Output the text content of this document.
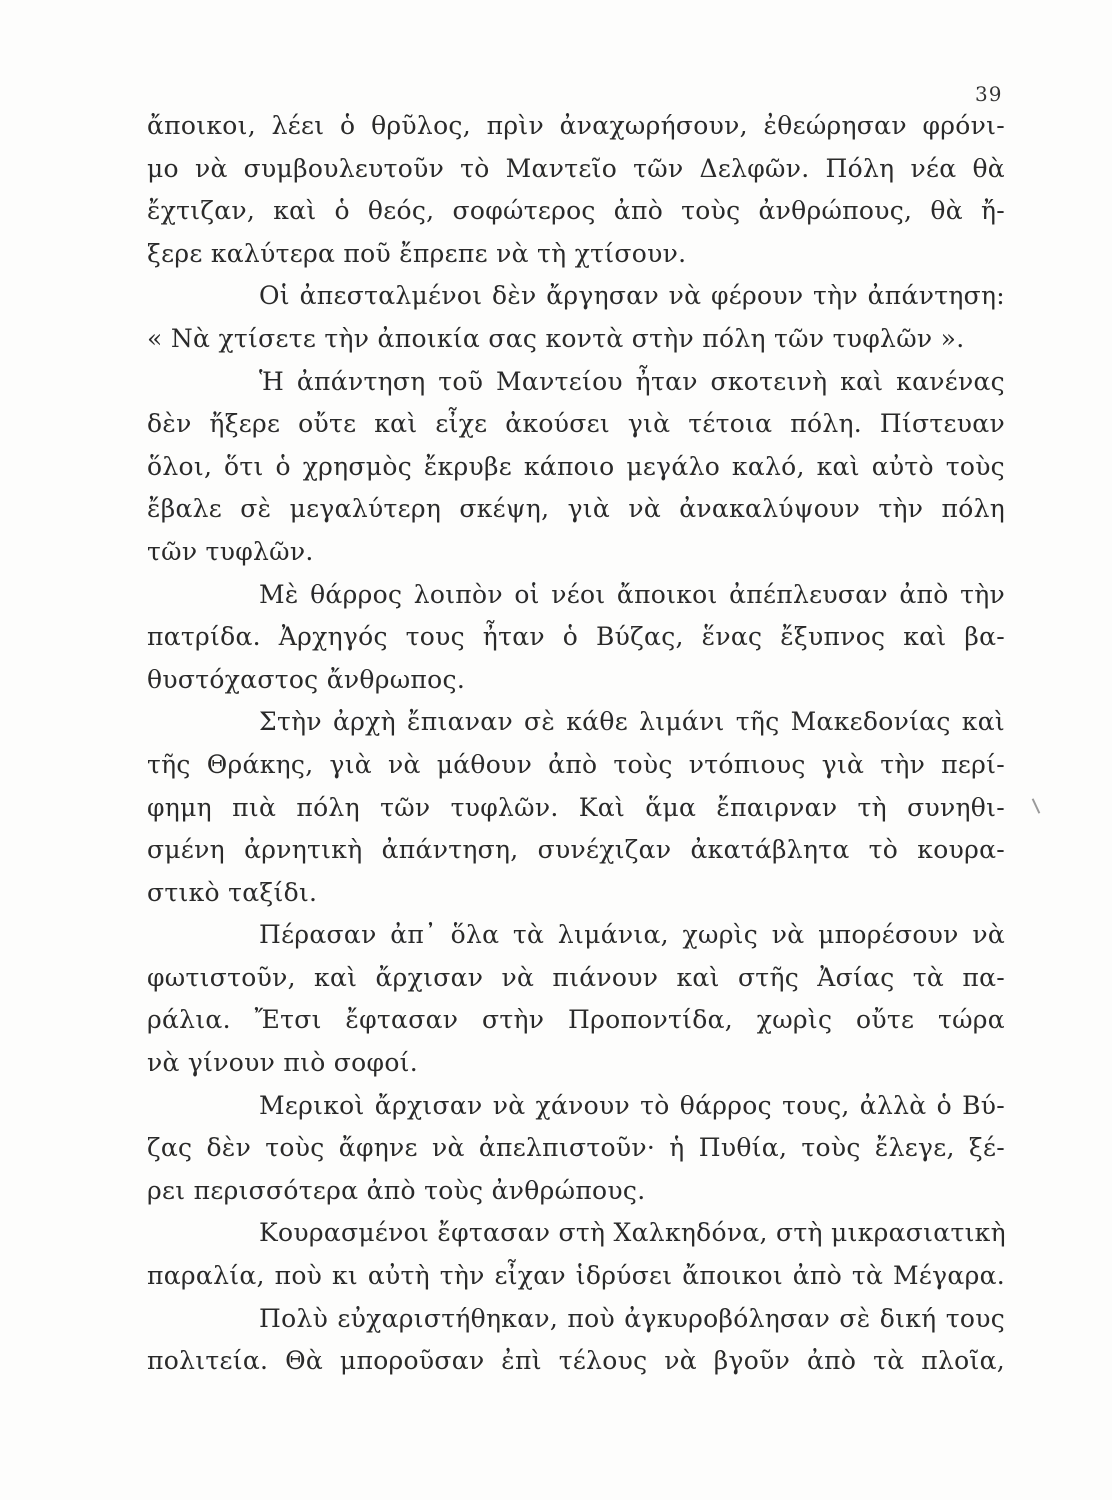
39
ἄποικοι, λέει ὁ θρῦλος, πρὶν ἀναχωρήσουν, ἐθεώρησαν φρόνι-
μο νὰ συμβουλευτοῦν τὸ Μαντεῖο τῶν Δελφῶν. Πόλη νέα θὰ
ἔχτιζαν, καὶ ὁ θεός, σοφώτερος ἀπὸ τοὺς ἀνθρώπους, θὰ ἤ-
ξερε καλύτερα ποῦ ἔπρεπε νὰ τὴ χτίσουν.
Οἱ ἀπεσταλμένοι δὲν ἄργησαν νὰ φέρουν τὴν ἀπάντηση:
« Νὰ χτίσετε τὴν ἀποικία σας κοντὰ στὴν πόλη τῶν τυφλῶν ».
Ἡ ἀπάντηση τοῦ Μαντείου ἦταν σκοτεινὴ καὶ κανένας
δὲν ἤξερε οὔτε καὶ εἶχε ἀκούσει γιὰ τέτοια πόλη. Πίστευαν
ὅλοι, ὅτι ὁ χρησμὸς ἔκρυβε κάποιο μεγάλο καλό, καὶ αὐτὸ τοὺς
ἔβαλε σὲ μεγαλύτερη σκέψη, γιὰ νὰ ἀνακαλύψουν τὴν πόλη
τῶν τυφλῶν.
Μὲ θάρρος λοιπὸν οἱ νέοι ἄποικοι ἀπέπλευσαν ἀπὸ τὴν
πατρίδα. Ἀρχηγός τους ἦταν ὁ Βύζας, ἕνας ἔξυπνος καὶ βα-
θυστόχαστος ἄνθρωπος.
Στὴν ἀρχὴ ἔπιαναν σὲ κάθε λιμάνι τῆς Μακεδονίας καὶ
τῆς Θράκης, γιὰ νὰ μάθουν ἀπὸ τοὺς ντόπιους γιὰ τὴν περί-
φημη πιὰ πόλη τῶν τυφλῶν. Καὶ ἅμα ἔπαιρναν τὴ συνηθι-
σμένη ἀρνητικὴ ἀπάντηση, συνέχιζαν ἀκατάβλητα τὸ κουρα-
στικὸ ταξίδι.
Πέρασαν ἀπ᾿ ὅλα τὰ λιμάνια, χωρὶς νὰ μπορέσουν νὰ
φωτιστοῦν, καὶ ἄρχισαν νὰ πιάνουν καὶ στῆς Ἀσίας τὰ πα-
ράλια. Ἔτσι ἔφτασαν στὴν Προποντίδα, χωρὶς οὔτε τώρα
νὰ γίνουν πιὸ σοφοί.
Μερικοὶ ἄρχισαν νὰ χάνουν τὸ θάρρος τους, ἀλλὰ ὁ Βύ-
ζας δὲν τοὺς ἄφηνε νὰ ἀπελπιστοῦν· ἡ Πυθία, τοὺς ἔλεγε, ξέ-
ρει περισσότερα ἀπὸ τοὺς ἀνθρώπους.
Κουρασμένοι ἔφτασαν στὴ Χαλκηδόνα, στὴ μικρασιατικὴ
παραλία, ποὺ κι αὐτὴ τὴν εἶχαν ἱδρύσει ἄποικοι ἀπὸ τὰ Μέγαρα.
Πολὺ εὐχαριστήθηκαν, ποὺ ἀγκυροβόλησαν σὲ δική τους
πολιτεία. Θὰ μποροῦσαν ἐπὶ τέλους νὰ βγοῦν ἀπὸ τὰ πλοῖα,
